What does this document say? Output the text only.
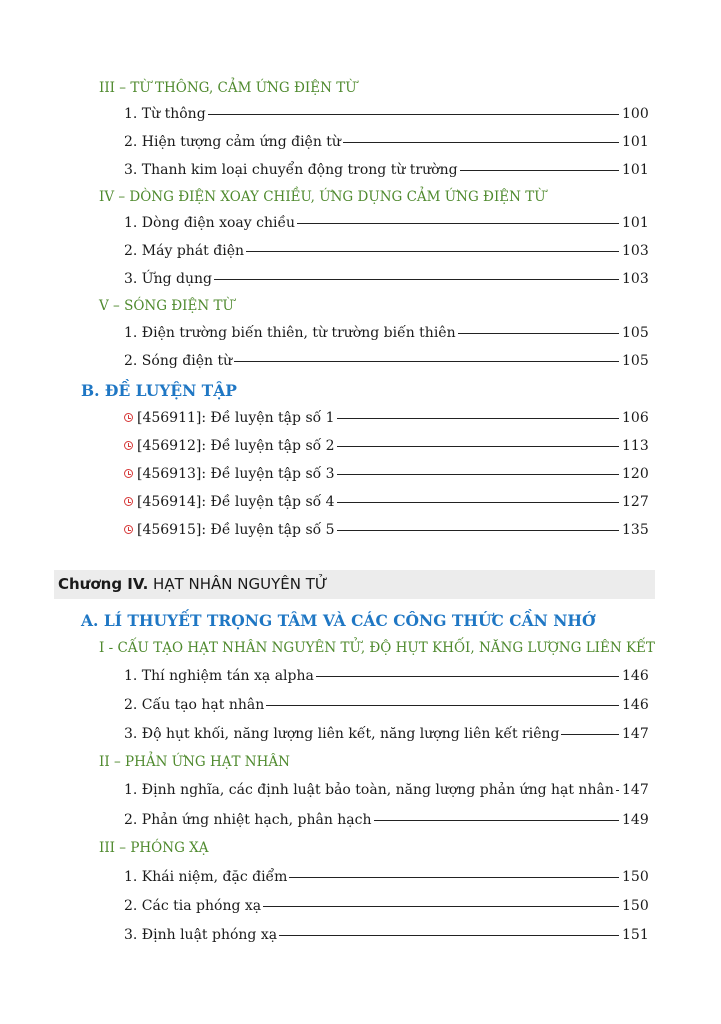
III – TỪ THÔNG, CẢM ỨNG ĐIỆN TỪ
1. Từ thông	100
2. Hiện tượng cảm ứng điện từ	101
3. Thanh kim loại chuyển động trong từ trường	101
IV – DÒNG ĐIỆN XOAY CHIỀU, ỨNG DỤNG CẢM ỨNG ĐIỆN TỪ
1. Dòng điện xoay chiều	101
2. Máy phát điện	103
3. Ứng dụng	103
V – SÓNG ĐIỆN TỪ
1. Điện trường biến thiên, từ trường biến thiên	105
2. Sóng điện từ	105
B. ĐỀ LUYỆN TẬP
[456911]: Đề luyện tập số 1	106
[456912]: Đề luyện tập số 2	113
[456913]: Đề luyện tập số 3	120
[456914]: Đề luyện tập số 4	127
[456915]: Đề luyện tập số 5	135
Chương IV. HẠT NHÂN NGUYÊN TỬ
A. LÍ THUYẾT TRỌNG TÂM VÀ CÁC CÔNG THỨC CẦN NHỚ
I - CẤU TẠO HẠT NHÂN NGUYÊN TỬ, ĐỘ HỤT KHỐI, NĂNG LƯỢNG LIÊN KẾT
1. Thí nghiệm tán xạ alpha	146
2. Cấu tạo hạt nhân	146
3. Độ hụt khối, năng lượng liên kết, năng lượng liên kết riêng	147
II – PHẢN ỨNG HẠT NHÂN
1. Định nghĩa, các định luật bảo toàn, năng lượng phản ứng hạt nhân 147
2. Phản ứng nhiệt hạch, phân hạch	149
III – PHÓNG XẠ
1. Khái niệm, đặc điểm	150
2. Các tia phóng xạ	150
3. Định luật phóng xạ	151
